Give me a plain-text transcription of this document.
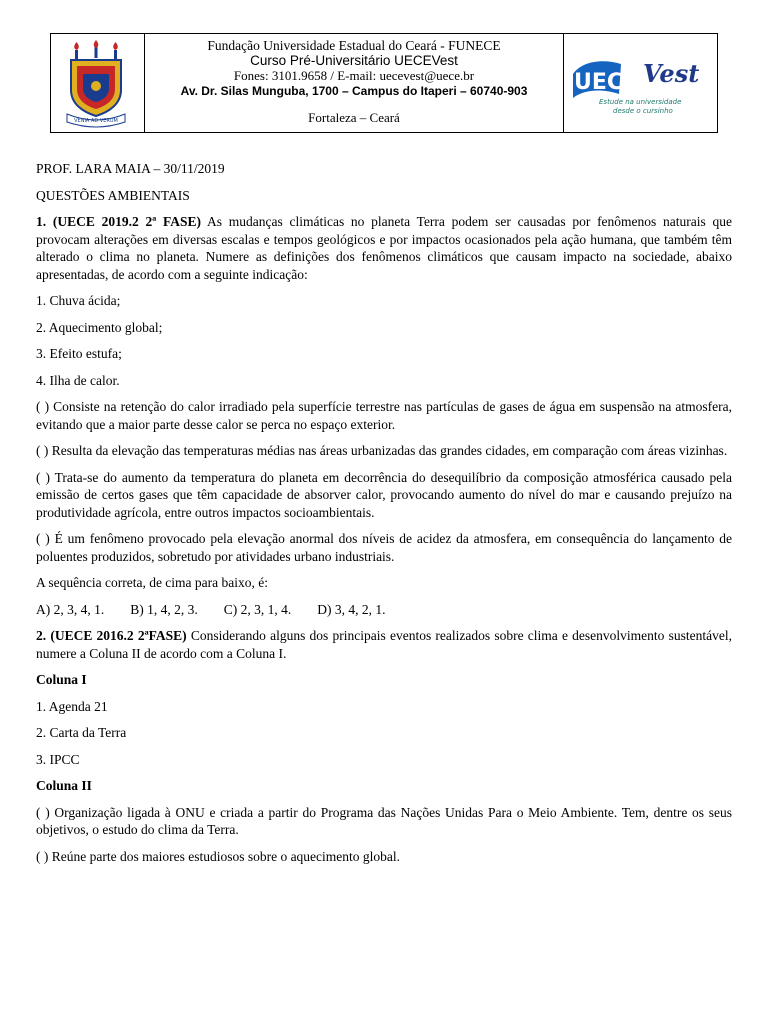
VENIA AD VERUM
Fundação Universidade Estadual do Ceará - FUNECE
Curso Pré-Universitário UECEVest
Fones: 3101.9658 / E-mail: uecevest@uece.br
Av. Dr. Silas Munguba, 1700 – Campus do Itaperi – 60740-903
Fortaleza – Ceará
UECE Vest
Estude na universidade
desde o cursinho

PROF. LARA MAIA – 30/11/2019

QUESTÕES AMBIENTAIS

1. (UECE 2019.2 2ª FASE) As mudanças climáticas no planeta Terra podem ser causadas por fenômenos naturais que provocam alterações em diversas escalas e tempos geológicos e por impactos ocasionados pela ação humana, que também têm alterado o clima no planeta. Numere as definições dos fenômenos climáticos que causam impacto na sociedade, abaixo apresentadas, de acordo com a seguinte indicação:

1. Chuva ácida;

2. Aquecimento global;

3. Efeito estufa;

4. Ilha de calor.

( ) Consiste na retenção do calor irradiado pela superfície terrestre nas partículas de gases de água em suspensão na atmosfera, evitando que a maior parte desse calor se perca no espaço exterior.

( ) Resulta da elevação das temperaturas médias nas áreas urbanizadas das grandes cidades, em comparação com áreas vizinhas.

( ) Trata-se do aumento da temperatura do planeta em decorrência do desequilíbrio da composição atmosférica causado pela emissão de certos gases que têm capacidade de absorver calor, provocando aumento do nível do mar e causando prejuízo na produtividade agrícola, entre outros impactos socioambientais.

( ) É um fenômeno provocado pela elevação anormal dos níveis de acidez da atmosfera, em consequência do lançamento de poluentes produzidos, sobretudo por atividades urbano industriais.

A sequência correta, de cima para baixo, é:

A) 2, 3, 4, 1. B) 1, 4, 2, 3. C) 2, 3, 1, 4. D) 3, 4, 2, 1.

2. (UECE 2016.2 2ªFASE) Considerando alguns dos principais eventos realizados sobre clima e desenvolvimento sustentável, numere a Coluna II de acordo com a Coluna I.

Coluna I

1. Agenda 21

2. Carta da Terra

3. IPCC

Coluna II

( ) Organização ligada à ONU e criada a partir do Programa das Nações Unidas Para o Meio Ambiente. Tem, dentre os seus objetivos, o estudo do clima da Terra.

( ) Reúne parte dos maiores estudiosos sobre o aquecimento global.
